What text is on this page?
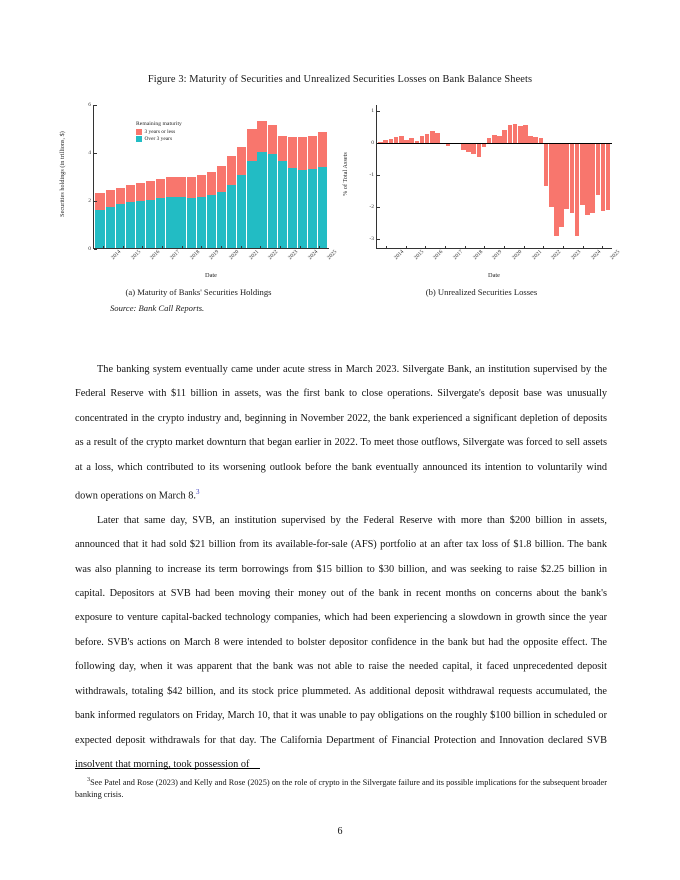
Figure 3: Maturity of Securities and Unrealized Securities Losses on Bank Balance Sheets
Securities holdings (in trillions, $)
Remaining maturity
3 years or less
Over 3 years
0
2
4
6
2014 2015 2016 2017 2018 2019 2020 2021 2022 2023 2024 2025
Date
% of Total Assets
1
0
-1
-2
-3
2014 2015 2016 2017 2018 2019 2020 2021 2022 2023 2024 2025
Date
(a) Maturity of Banks' Securities Holdings	(b) Unrealized Securities Losses
Source: Bank Call Reports.

The banking system eventually came under acute stress in March 2023. Silvergate Bank, an institution supervised by the Federal Reserve with $11 billion in assets, was the first bank to close operations. Silvergate's deposit base was unusually concentrated in the crypto industry and, beginning in November 2022, the bank experienced a significant depletion of deposits as a result of the crypto market downturn that began earlier in 2022. To meet those outflows, Silvergate was forced to sell assets at a loss, which contributed to its worsening outlook before the bank eventually announced its intention to voluntarily wind down operations on March 8.$^3$

Later that same day, SVB, an institution supervised by the Federal Reserve with more than $200 billion in assets, announced that it had sold $21 billion from its available-for-sale (AFS) portfolio at an after tax loss of $1.8 billion. The bank was also planning to increase its term borrowings from $15 billion to $30 billion, and was seeking to raise $2.25 billion in capital. Depositors at SVB had been moving their money out of the bank in recent months on concerns about the bank's exposure to venture capital-backed technology companies, which had been experiencing a slowdown in growth since the year before. SVB's actions on March 8 were intended to bolster depositor confidence in the bank but had the opposite effect. The following day, when it was apparent that the bank was not able to raise the needed capital, it faced unprecedented deposit withdrawals, totaling $42 billion, and its stock price plummeted. As additional deposit withdrawal requests accumulated, the bank informed regulators on Friday, March 10, that it was unable to pay obligations on the roughly $100 billion in scheduled or expected deposit withdrawals for that day. The California Department of Financial Protection and Innovation declared SVB insolvent that morning, took possession of

$^3$See Patel and Rose (2023) and Kelly and Rose (2025) on the role of crypto in the Silvergate failure and its possible implications for the subsequent broader banking crisis.
6
